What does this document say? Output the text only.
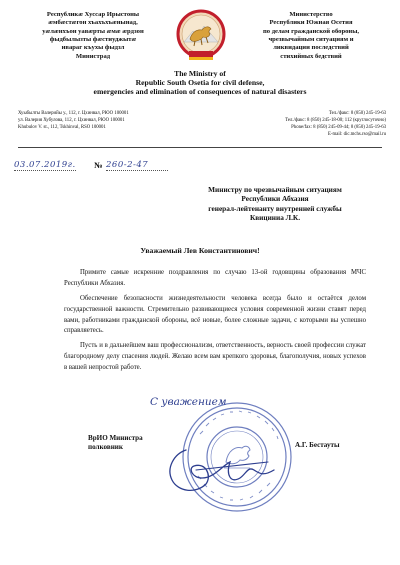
Республикæ Хуссар Ирыстоны
æмбæстæгон хъахъхъæнынад,
уæлæнхъон уавæрты æмæ æрдзон
фыдбылызты фæстиуджытæ
ивараг къухы фыдзл
Министрад
Министерство
Республики Южная Осетия
по делам гражданской обороны,
чрезвычайным ситуациям и
ликвидации последствий
стихийных бедствий
The Ministry of
Republic South Osetia for civil defense,
emergencies and elimination of consequences of natural disasters
Хуыбылты Валерийы у., 112, г. Цхинвал, РЮО 100001
ул. Валерия Хубулова, 112, г. Цхинвал, РЮО 100001
Khubulov V. st., 112, Tskhinval, RSO 100001
Тел./факс: 8 (850) 245-19-63
Тел./факс: 8 (850) 245-18-00; 112 (круглосуточно)
Phone/fax: 8 (850) 245-09-44; 8 (850) 245-19-63
E-mail: dic.mchs.rso@mail.ru
03.07.2019г. № 260-2-47
Министру по чрезвычайным ситуациям
Республики Абхазия
генерал-лейтенанту внутренней службы
Квициниа Л.К.
Уважаемый Лев Константинович!

Примите самые искренние поздравления по случаю 13-ой годовщины образования МЧС Республики Абхазия.

Обеспечение безопасности жизнедеятельности человека всегда было и остаётся делом государственной важности. Стремительно развивающиеся условия современной жизни ставят перед вами, работниками гражданской обороны, всё новые, более сложные задачи, с которыми вы успешно справляетесь.

Пусть и в дальнейшем ваш профессионализм, ответственность, верность своей профессии служат благородному делу спасения людей. Желаю всем вам крепкого здоровья, благополучия, новых успехов в вашей непростой работе.

С уважением
ВрИО Министра
полковник	А.Г. Бестауты
